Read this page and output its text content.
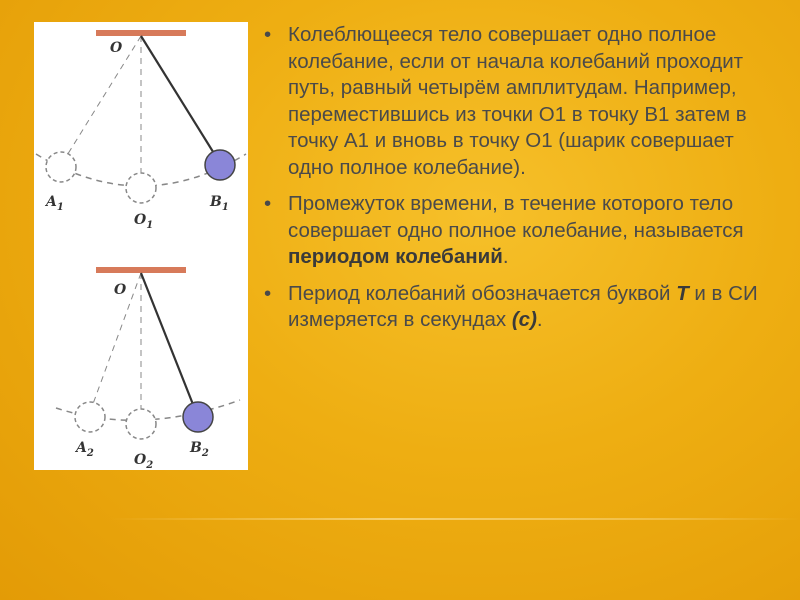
O
$A_1$
$O_1$
$B_1$
O
$A_2$	$O_2$
$B_2$

• Колеблющееся тело совершает одно полное колебание, если от начала колебаний проходит путь, равный четырём амплитудам. Например, переместившись из точки О1 в точку В1 затем в точку А1 и вновь в точку О1 (шарик совершает одно полное колебание).

• Промежуток времени, в течение которого тело совершает одно полное колебание, называется периодом колебаний.

• Период колебаний обозначается буквой Т и в СИ измеряется в секундах (с).
